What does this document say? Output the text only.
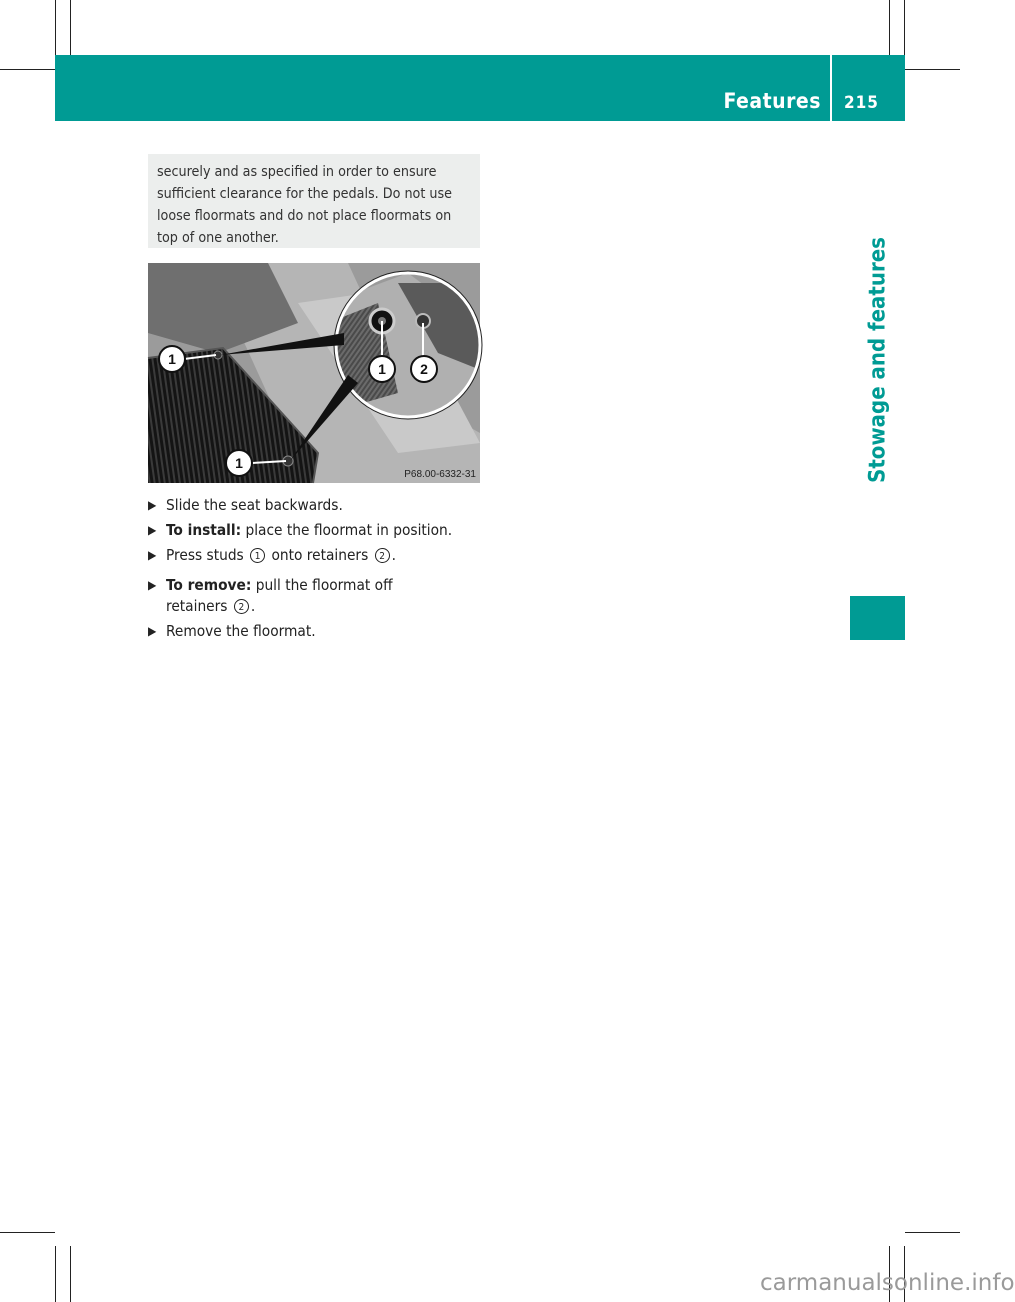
Features 215
Stowage and features

securely and as specified in order to ensure sufficient clearance for the pedals. Do not use loose floormats and do not place floormats on top of one another.

1
1
1 2
P68.00-6332-31
▶ Slide the seat backwards.
▶ To install: place the floormat in position.
▶ Press studs 1 onto retainers 2 .
▶ To remove: pull the floormat off
retainers 2 .
▶ Remove the floormat.
carmanualsonline.info
